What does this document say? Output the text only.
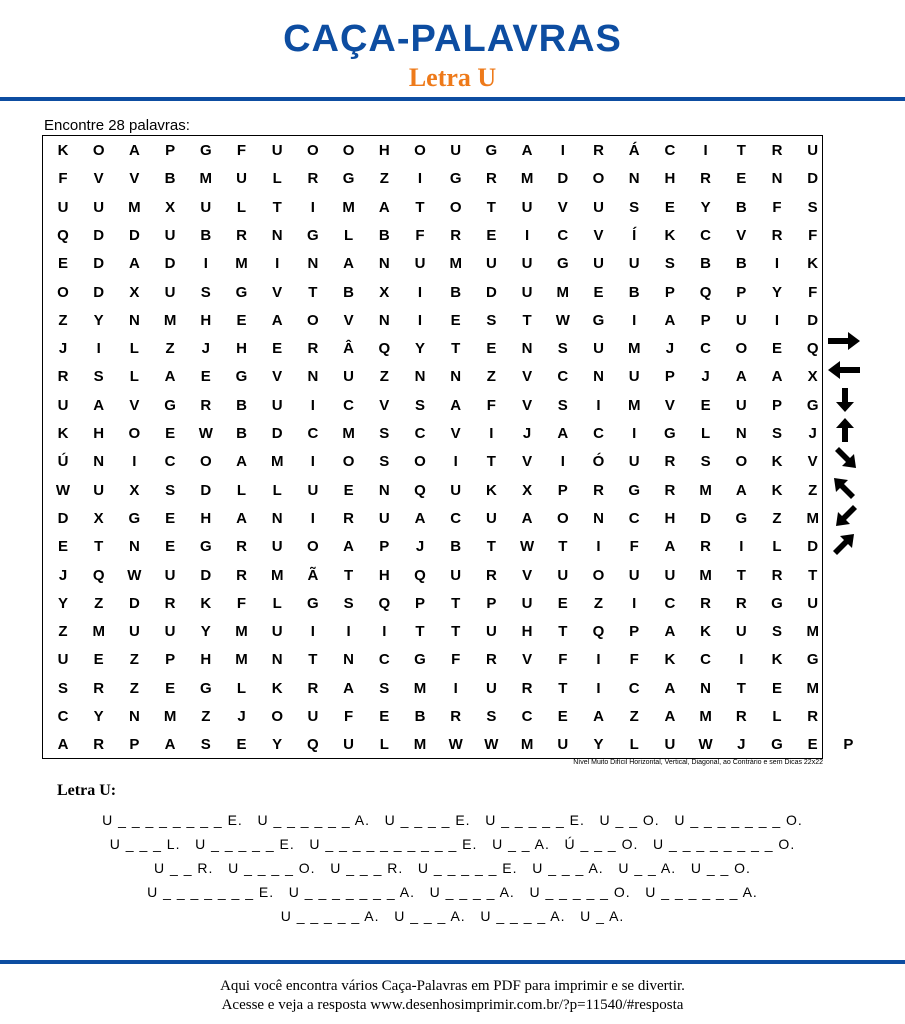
CAÇA-PALAVRAS
Letra U
Encontre 28 palavras:
K	O	A	P	G	F	U	O	O	H	O	U	G	A	I	R	Á	C	I	T	R	U
F	V	V	B	M	U	L	R	G	Z	I	G	R	M	D	O	N	H	R	E	N	D
U	U	M	X	U	L	T	I	M	A	T	O	T	U	V	U	S	E	Y	B	F	S
Q	D	D	U	B	R	N	G	L	B	F	R	E	I	C	V	Í	K	C	V	R	F
E	D	A	D	I	M	I	N	A	N	U	M	U	U	G	U	U	S	B	B	I	K
O	D	X	U	S	G	V	T	B	X	I	B	D	U	M	E	B	P	Q	P	Y	F
Z	Y	N	M	H	E	A	O	V	N	I	E	S	T	W	G	I	A	P	U	I	D
J	I	L	Z	J	H	E	R	Â	Q	Y	T	E	N	S	U	M	J	C	O	E	Q
R	S	L	A	E	G	V	N	U	Z	N	N	Z	V	C	N	U	P	J	A	A	X
U	A	V	G	R	B	U	I	C	V	S	A	F	V	S	I	M	V	E	U	P	G
K	H	O	E	W	B	D	C	M	S	C	V	I	J	A	C	I	G	L	N	S	J
Ú	N	I	C	O	A	M	I	O	S	O	I	T	V	I	Ó	U	R	S	O	K	V
W	U	X	S	D	L	L	U	E	N	Q	U	K	X	P	R	G	R	M	A	K	Z
D	X	G	E	H	A	N	I	R	U	A	C	U	A	O	N	C	H	D	G	Z	M
E	T	N	E	G	R	U	O	A	P	J	B	T	W	T	I	F	A	R	I	L	D
J	Q	W	U	D	R	M	Ã	T	H	Q	U	R	V	U	O	U	U	M	T	R	T
Y	Z	D	R	K	F	L	G	S	Q	P	T	P	U	E	Z	I	C	R	R	G	U
Z	M	U	U	Y	M	U	I	I	I	T	T	U	H	T	Q	P	A	K	U	S	M
U	E	Z	P	H	M	N	T	N	C	G	F	R	V	F	I	F	K	C	I	K	G
S	R	Z	E	G	L	K	R	A	S	M	I	U	R	T	I	C	A	N	T	E	M
C	Y	N	M	Z	J	O	U	F	E	B	R	S	C	E	A	Z	A	M	R	L	R
A	R	P	A	S	E	Y	Q	U	L	M	W	W	M	U	Y	L	U	W	J	G	E	P
Nível Muito Difícil Horizontal, Vertical, Diagonal, ao Contrário e sem Dicas 22x22
Letra U:
U _ _ _ _ _ _ _ _ E.   U _ _ _ _ _ _ A.   U _ _ _ _ E.   U _ _ _ _ _ E.   U _ _ O.   U _ _ _ _ _ _ _ O.
U _ _ _ L.   U _ _ _ _ _ E.   U _ _ _ _ _ _ _ _ _ _ E.   U _ _ A.   Ú _ _ _ O.   U _ _ _ _ _ _ _ _ O.
U _ _ R.   U _ _ _ _ O.   U _ _ _ R.   U _ _ _ _ _ E.   U _ _ _ A.   U _ _ A.   U _ _ O.
U _ _ _ _ _ _ _ E.   U _ _ _ _ _ _ _ A.   U _ _ _ _ A.   U _ _ _ _ _ O.   U _ _ _ _ _ _ A.
U _ _ _ _ _ A.   U _ _ _ A.   U _ _ _ _ A.   U _ A.
Aqui você encontra vários Caça-Palavras em PDF para imprimir e se divertir.
Acesse e veja a resposta www.desenhosimprimir.com.br/?p=11540/#resposta
